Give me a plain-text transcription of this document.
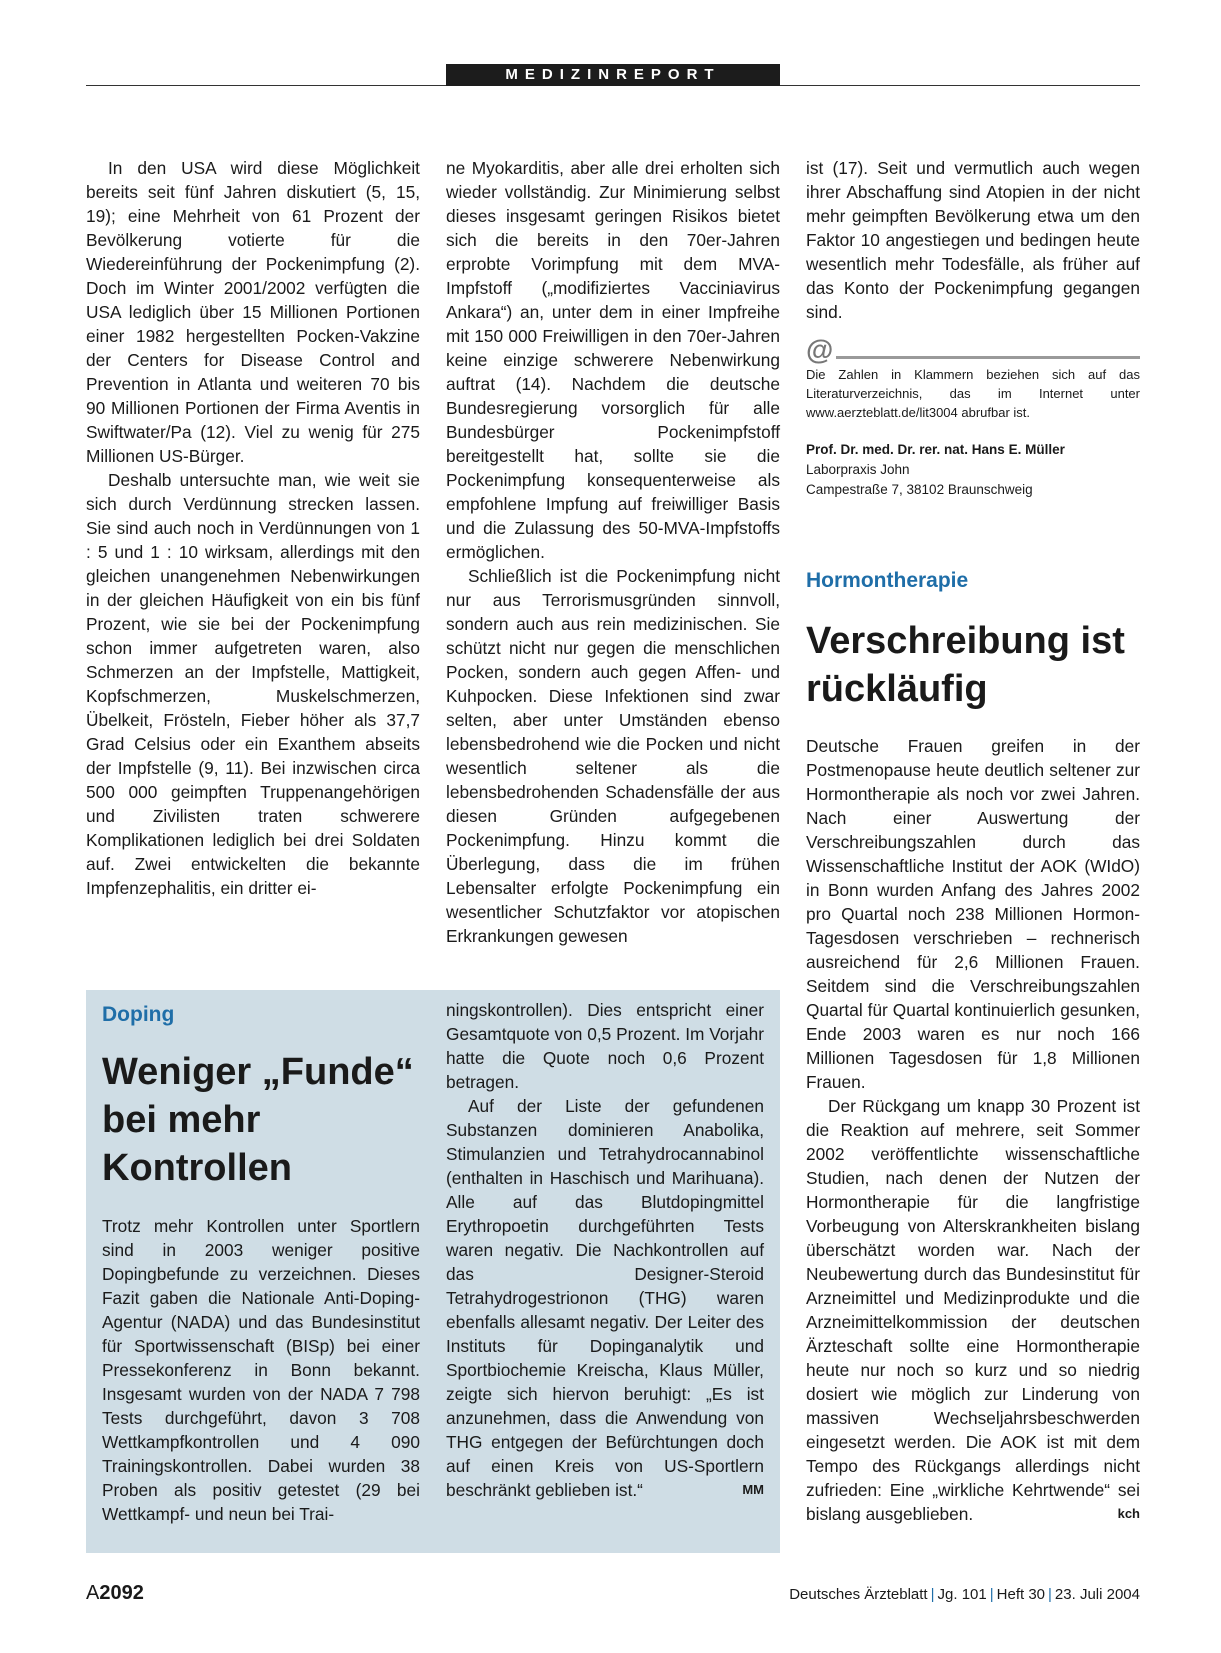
MEDIZINREPORT

In den USA wird diese Möglichkeit bereits seit fünf Jahren diskutiert (5, 15, 19); eine Mehrheit von 61 Prozent der Bevölkerung votierte für die Wiedereinführung der Pockenimpfung (2). Doch im Winter 2001/2002 verfügten die USA lediglich über 15 Millionen Portionen einer 1982 hergestellten Pocken-Vakzine der Centers for Disease Control and Prevention in Atlanta und weiteren 70 bis 90 Millionen Portionen der Firma Aventis in Swiftwater/Pa (12). Viel zu wenig für 275 Millionen US-Bürger.

Deshalb untersuchte man, wie weit sie sich durch Verdünnung strecken lassen. Sie sind auch noch in Verdünnungen von 1 : 5 und 1 : 10 wirksam, allerdings mit den gleichen unangenehmen Nebenwirkungen in der gleichen Häufigkeit von ein bis fünf Prozent, wie sie bei der Pockenimpfung schon immer aufgetreten waren, also Schmerzen an der Impfstelle, Mattigkeit, Kopfschmerzen, Muskelschmerzen, Übelkeit, Frösteln, Fieber höher als 37,7 Grad Celsius oder ein Exanthem abseits der Impfstelle (9, 11). Bei inzwischen circa 500 000 geimpften Truppenangehörigen und Zivilisten traten schwerere Komplikationen lediglich bei drei Soldaten auf. Zwei entwickelten die bekannte Impfenzephalitis, ein dritter ei-

ne Myokarditis, aber alle drei erholten sich wieder vollständig. Zur Minimierung selbst dieses insgesamt geringen Risikos bietet sich die bereits in den 70er-Jahren erprobte Vorimpfung mit dem MVA-Impfstoff („modifiziertes Vacciniavirus Ankara“) an, unter dem in einer Impfreihe mit 150 000 Freiwilligen in den 70er-Jahren keine einzige schwerere Nebenwirkung auftrat (14). Nachdem die deutsche Bundesregierung vorsorglich für alle Bundesbürger Pockenimpfstoff bereitgestellt hat, sollte sie die Pockenimpfung konsequenterweise als empfohlene Impfung auf freiwilliger Basis und die Zulassung des 50-MVA-Impfstoffs ermöglichen.

Schließlich ist die Pockenimpfung nicht nur aus Terrorismusgründen sinnvoll, sondern auch aus rein medizinischen. Sie schützt nicht nur gegen die menschlichen Pocken, sondern auch gegen Affen- und Kuhpocken. Diese Infektionen sind zwar selten, aber unter Umständen ebenso lebensbedrohend wie die Pocken und nicht wesentlich seltener als die lebensbedrohenden Schadensfälle der aus diesen Gründen aufgegebenen Pockenimpfung. Hinzu kommt die Überlegung, dass die im frühen Lebensalter erfolgte Pockenimpfung ein wesentlicher Schutzfaktor vor atopischen Erkrankungen gewesen

ist (17). Seit und vermutlich auch wegen ihrer Abschaffung sind Atopien in der nicht mehr geimpften Bevölkerung etwa um den Faktor 10 angestiegen und bedingen heute wesentlich mehr Todesfälle, als früher auf das Konto der Pockenimpfung gegangen sind.

@
Die Zahlen in Klammern beziehen sich auf das Literaturverzeichnis, das im Internet unter www.aerzteblatt.de/lit3004 abrufbar ist.
Prof. Dr. med. Dr. rer. nat. Hans E. Müller
Laborpraxis John
Campestraße 7, 38102 Braunschweig
Hormontherapie
Verschreibung ist rückläufig

Deutsche Frauen greifen in der Postmenopause heute deutlich seltener zur Hormontherapie als noch vor zwei Jahren. Nach einer Auswertung der Verschreibungszahlen durch das Wissenschaftliche Institut der AOK (WIdO) in Bonn wurden Anfang des Jahres 2002 pro Quartal noch 238 Millionen Hormon-Tagesdosen verschrieben – rechnerisch ausreichend für 2,6 Millionen Frauen. Seitdem sind die Verschreibungszahlen Quartal für Quartal kontinuierlich gesunken, Ende 2003 waren es nur noch 166 Millionen Tagesdosen für 1,8 Millionen Frauen.

Der Rückgang um knapp 30 Prozent ist die Reaktion auf mehrere, seit Sommer 2002 veröffentlichte wissenschaftliche Studien, nach denen der Nutzen der Hormontherapie für die langfristige Vorbeugung von Alterskrankheiten bislang überschätzt worden war. Nach der Neubewertung durch das Bundesinstitut für Arzneimittel und Medizinprodukte und die Arzneimittelkommission der deutschen Ärzteschaft sollte eine Hormontherapie heute nur noch so kurz und so niedrig dosiert wie möglich zur Linderung von massiven Wechseljahrsbeschwerden eingesetzt werden. Die AOK ist mit dem Tempo des Rückgangs allerdings nicht zufrieden: Eine „wirkliche Kehrtwende“ sei bislang ausgeblieben.	kch

Doping
Weniger „Funde“ bei mehr Kontrollen

Trotz mehr Kontrollen unter Sportlern sind in 2003 weniger positive Dopingbefunde zu verzeichnen. Dieses Fazit gaben die Nationale Anti-Doping-Agentur (NADA) und das Bundesinstitut für Sportwissenschaft (BISp) bei einer Pressekonferenz in Bonn bekannt. Insgesamt wurden von der NADA 7 798 Tests durchgeführt, davon 3 708 Wettkampfkontrollen und 4 090 Trainingskontrollen. Dabei wurden 38 Proben als positiv getestet (29 bei Wettkampf- und neun bei Trai-

ningskontrollen). Dies entspricht einer Gesamtquote von 0,5 Prozent. Im Vorjahr hatte die Quote noch 0,6 Prozent betragen.

Auf der Liste der gefundenen Substanzen dominieren Anabolika, Stimulanzien und Tetrahydrocannabinol (enthalten in Haschisch und Marihuana). Alle auf das Blutdopingmittel Erythropoetin durchgeführten Tests waren negativ. Die Nachkontrollen auf das Designer-Steroid Tetrahydrogestrionon (THG) waren ebenfalls allesamt negativ. Der Leiter des Instituts für Dopinganalytik und Sportbiochemie Kreischa, Klaus Müller, zeigte sich hiervon beruhigt: „Es ist anzunehmen, dass die Anwendung von THG entgegen der Befürchtungen doch auf einen Kreis von US-Sportlern beschränkt geblieben ist.“	MM

A2092	Deutsches Ärzteblatt | Jg. 101 | Heft 30 | 23. Juli 2004
